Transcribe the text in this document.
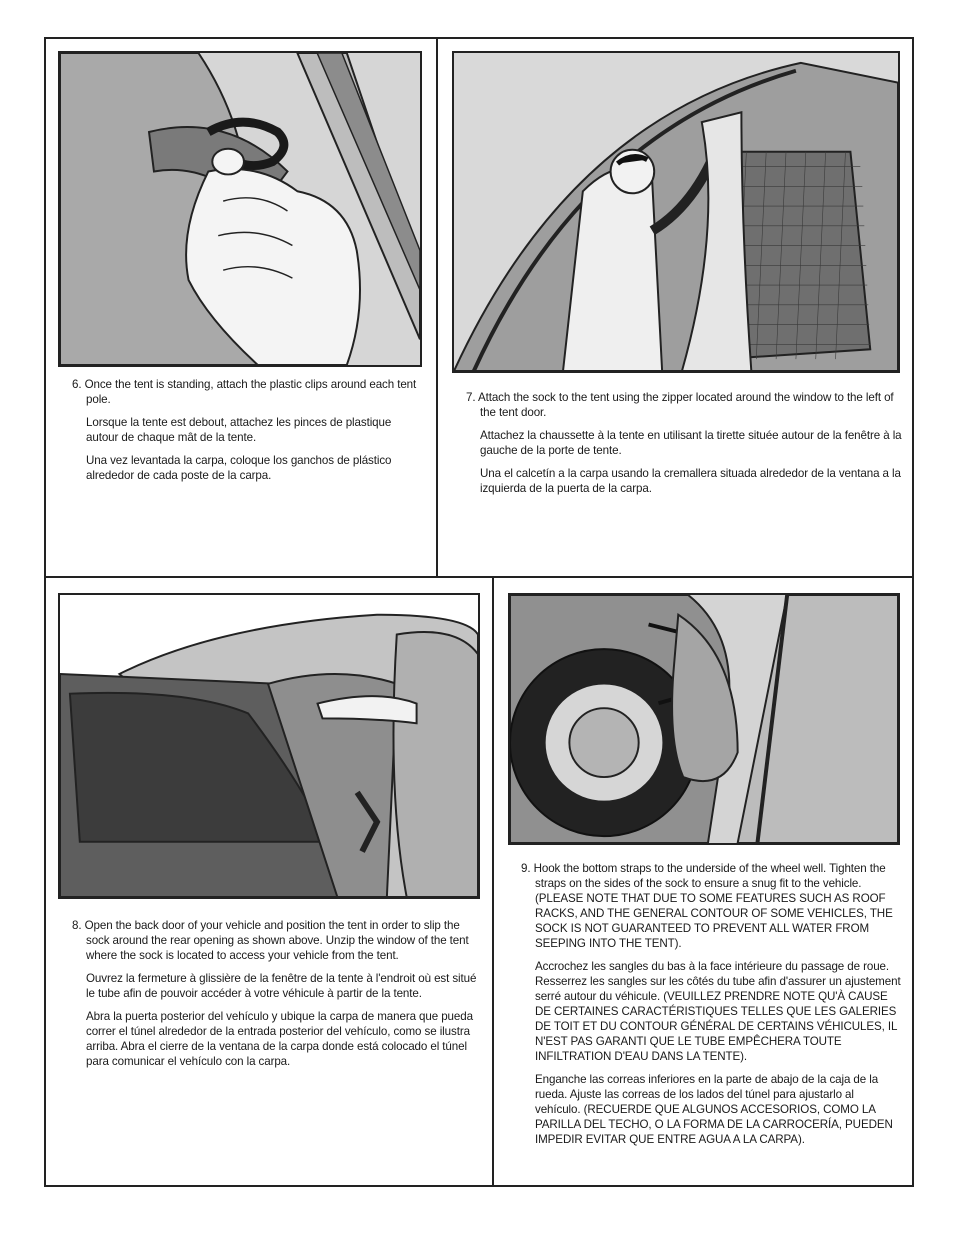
6. Once the tent is standing, attach the plastic clips around each tent pole.

Lorsque la tente est debout, attachez les pinces de plastique autour de chaque mât de la tente.

Una vez levantada la carpa, coloque los ganchos de plástico alrededor de cada poste de la carpa.

7. Attach the sock to the tent using the zipper located around the window to the left of the tent door.

Attachez la chaussette à la tente en utilisant la tirette située autour de la fenêtre à la gauche de la porte de tente.

Una el calcetín a la carpa usando la cremallera situada alrededor de la ventana a la izquierda de la puerta de la carpa.

8. Open the back door of your vehicle and position the tent in order to slip the sock around the rear opening as shown above. Unzip the window of the tent where the sock is located to access your vehicle from the tent.

Ouvrez la fermeture à glissière de la fenêtre de la tente à l'endroit où est situé le tube afin de pouvoir accéder à votre véhicule à partir de la tente.

Abra la puerta posterior del vehículo y ubique la carpa de manera que pueda correr el túnel alrededor de la entrada posterior del vehículo, como se ilustra arriba. Abra el cierre de la ventana de la carpa donde está colocado el túnel para comunicar el vehículo con la carpa.

9. Hook the bottom straps to the underside of the wheel well. Tighten the straps on the sides of the sock to ensure a snug fit to the vehicle. (PLEASE NOTE THAT DUE TO SOME FEATURES SUCH AS ROOF RACKS, AND THE GENERAL CONTOUR OF SOME VEHICLES, THE SOCK IS NOT GUARANTEED TO PREVENT ALL WATER FROM SEEPING INTO THE TENT).

Accrochez les sangles du bas à la face intérieure du passage de roue. Resserrez les sangles sur les côtés du tube afin d'assurer un ajustement serré autour du véhicule. (VEUILLEZ PRENDRE NOTE QU'À CAUSE DE CERTAINES CARACTÉRISTIQUES TELLES QUE LES GALERIES DE TOIT ET DU CONTOUR GÉNÉRAL DE CERTAINS VÉHICULES, IL N'EST PAS GARANTI QUE LE TUBE EMPÊCHERA TOUTE INFILTRATION D'EAU DANS LA TENTE).

Enganche las correas inferiores en la parte de abajo de la caja de la rueda. Ajuste las correas de los lados del túnel para ajustarlo al vehículo. (RECUERDE QUE ALGUNOS ACCESORIOS, COMO LA PARILLA DEL TECHO, O LA FORMA DE LA CARROCERÍA, PUEDEN IMPEDIR EVITAR QUE ENTRE AGUA A LA CARPA).
